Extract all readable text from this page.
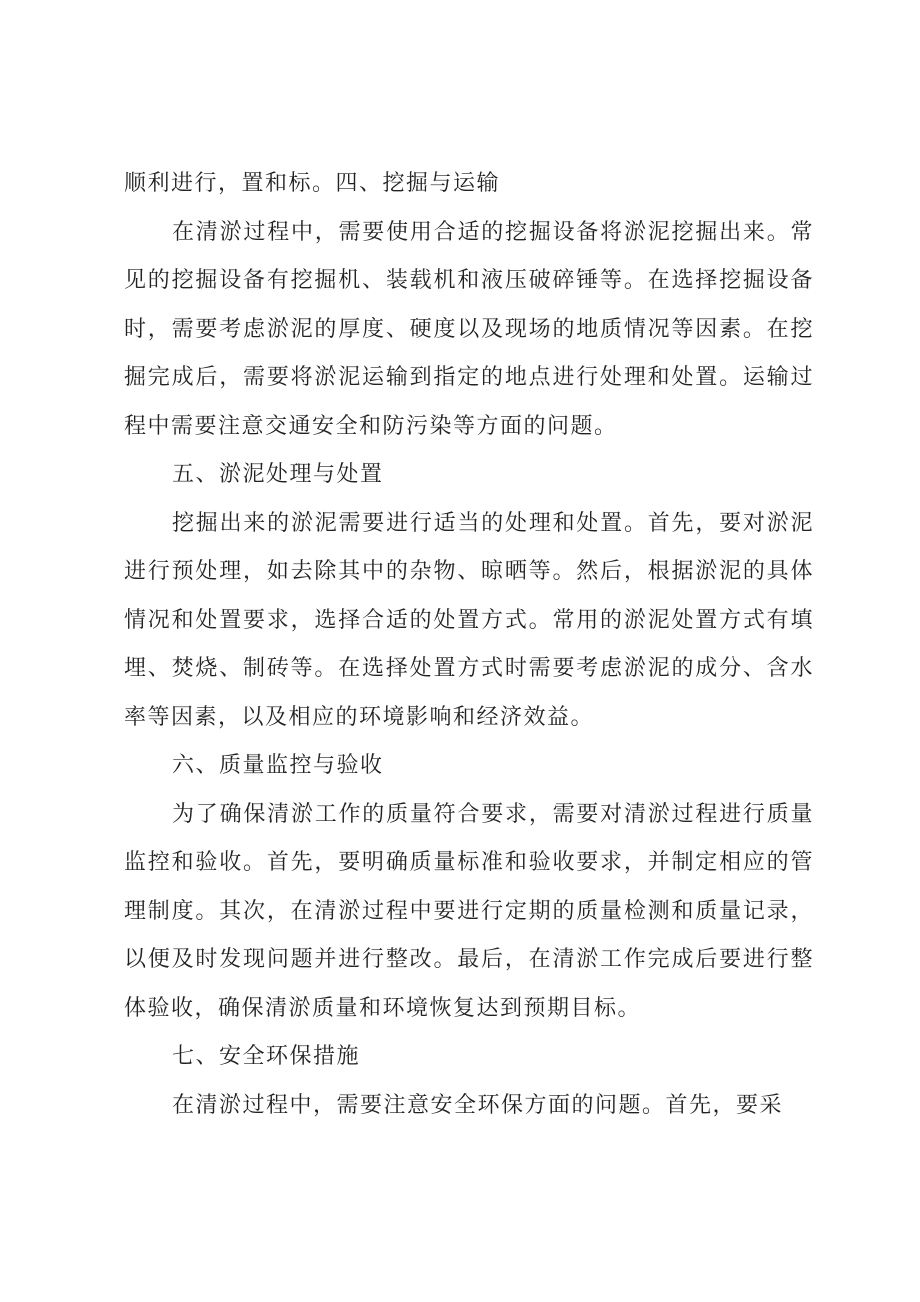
顺利进行，置和标。四、挖掘与运输

在清淤过程中，需要使用合适的挖掘设备将淤泥挖掘出来。常见的挖掘设备有挖掘机、装载机和液压破碎锤等。在选择挖掘设备时，需要考虑淤泥的厚度、硬度以及现场的地质情况等因素。在挖掘完成后，需要将淤泥运输到指定的地点进行处理和处置。运输过程中需要注意交通安全和防污染等方面的问题。

五、淤泥处理与处置

挖掘出来的淤泥需要进行适当的处理和处置。首先，要对淤泥进行预处理，如去除其中的杂物、晾晒等。然后，根据淤泥的具体情况和处置要求，选择合适的处置方式。常用的淤泥处置方式有填埋、焚烧、制砖等。在选择处置方式时需要考虑淤泥的成分、含水率等因素，以及相应的环境影响和经济效益。

六、质量监控与验收

为了确保清淤工作的质量符合要求，需要对清淤过程进行质量监控和验收。首先，要明确质量标准和验收要求，并制定相应的管理制度。其次，在清淤过程中要进行定期的质量检测和质量记录，以便及时发现问题并进行整改。最后，在清淤工作完成后要进行整体验收，确保清淤质量和环境恢复达到预期目标。

七、安全环保措施

在清淤过程中，需要注意安全环保方面的问题。首先，要采
